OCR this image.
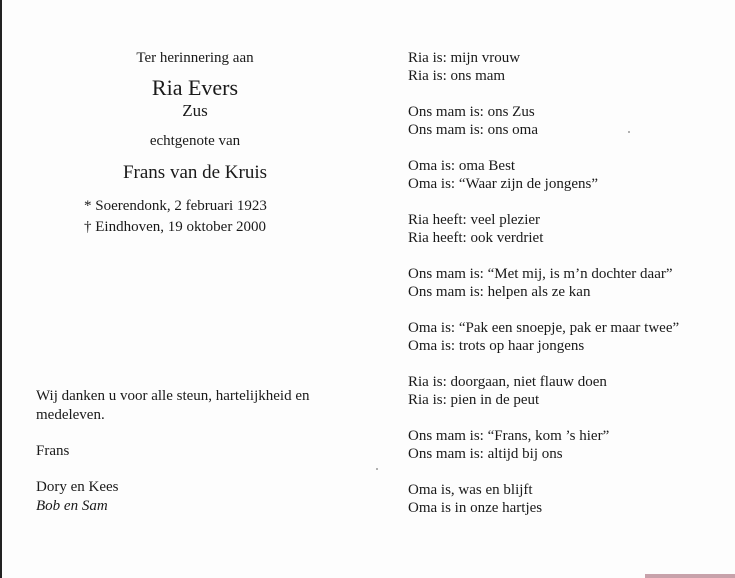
Ter herinnering aan

Ria Evers

Zus

echtgenote van
Frans van de Kruis
* Soerendonk, 2 februari 1923
† Eindhoven, 19 oktober 2000

Wij danken u voor alle steun, hartelijkheid en medeleven.

Frans

Dory en Kees

Bob en Sam

Ria is: mijn vrouw
Ria is: ons mam
Ons mam is: ons Zus
Ons mam is: ons oma
Oma is: oma Best
Oma is: “Waar zijn de jongens”
Ria heeft: veel plezier
Ria heeft: ook verdriet
Ons mam is: “Met mij, is m’n dochter daar”
Ons mam is: helpen als ze kan
Oma is: “Pak een snoepje, pak er maar twee”
Oma is: trots op haar jongens
Ria is: doorgaan, niet flauw doen
Ria is: pien in de peut
Ons mam is: “Frans, kom ’s hier”
Ons mam is: altijd bij ons
Oma is, was en blijft
Oma is in onze hartjes
